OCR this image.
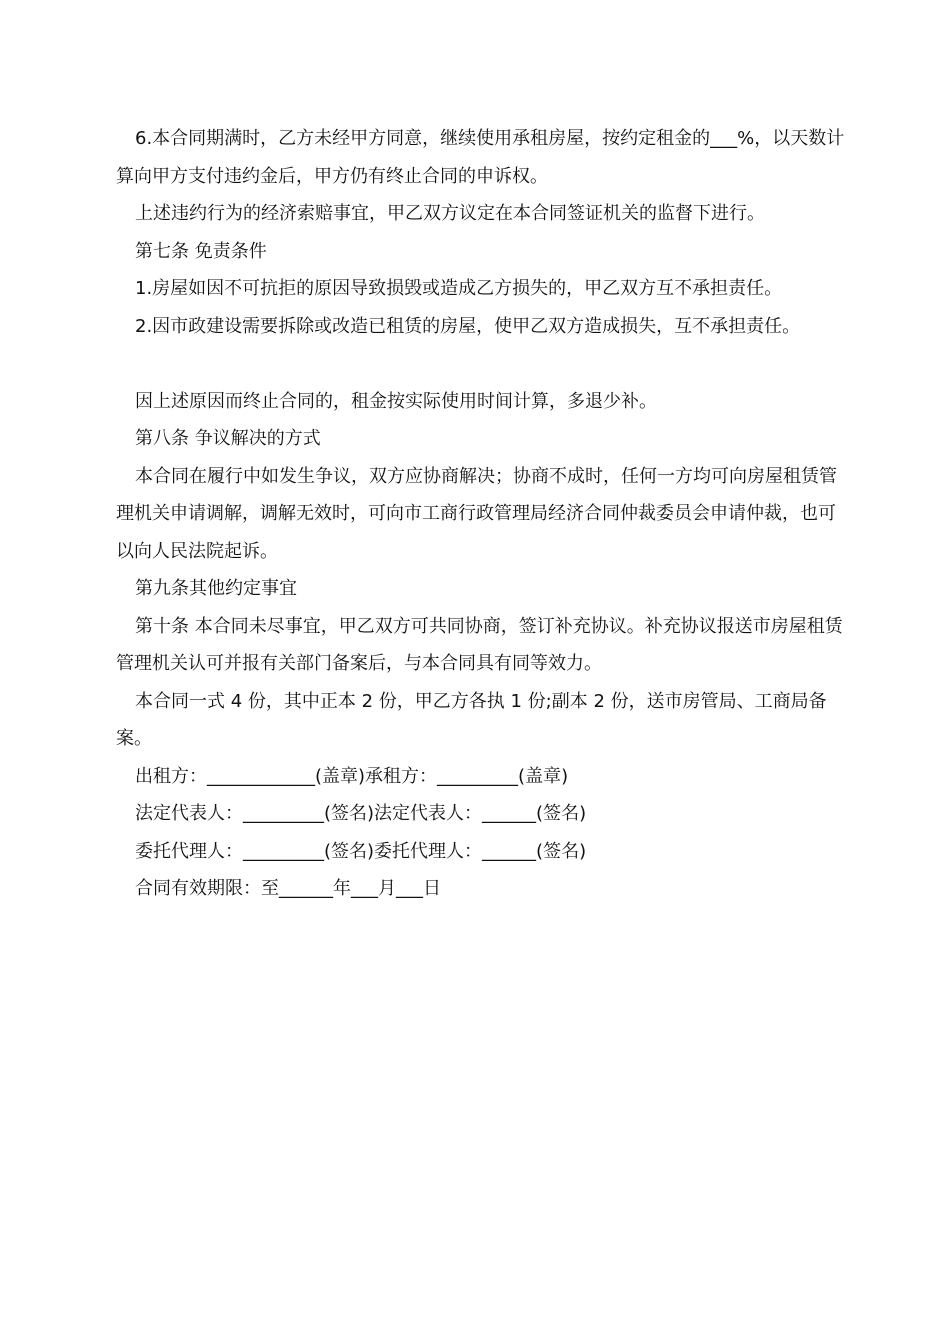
6.本合同期满时，乙方未经甲方同意，继续使用承租房屋，按约定租金的___%，以天数计算向甲方支付违约金后，甲方仍有终止合同的申诉权。

上述违约行为的经济索赔事宜，甲乙双方议定在本合同签证机关的监督下进行。

第七条 免责条件

1.房屋如因不可抗拒的原因导致损毁或造成乙方损失的，甲乙双方互不承担责任。

2.因市政建设需要拆除或改造已租赁的房屋，使甲乙双方造成损失，互不承担责任。

因上述原因而终止合同的，租金按实际使用时间计算，多退少补。

第八条 争议解决的方式

本合同在履行中如发生争议，双方应协商解决；协商不成时，任何一方均可向房屋租赁管理机关申请调解，调解无效时，可向市工商行政管理局经济合同仲裁委员会申请仲裁，也可以向人民法院起诉。

第九条其他约定事宜

第十条 本合同未尽事宜，甲乙双方可共同协商，签订补充协议。补充协议报送市房屋租赁管理机关认可并报有关部门备案后，与本合同具有同等效力。

本合同一式 4 份，其中正本 2 份，甲乙方各执 1 份;副本 2 份，送市房管局、工商局备案。

出租方：____________(盖章)承租方：_________(盖章)

法定代表人：_________(签名)法定代表人：______(签名)

委托代理人：_________(签名)委托代理人：______(签名)

合同有效期限：至______年___月___日
